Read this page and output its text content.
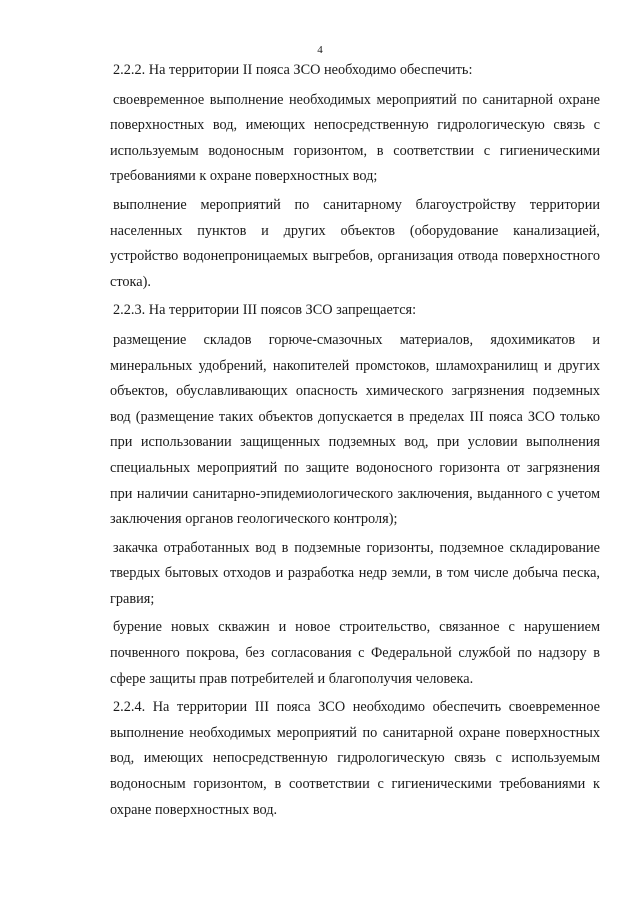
4

2.2.2. На территории II пояса ЗСО необходимо обеспечить:

своевременное выполнение необходимых мероприятий по санитарной охране поверхностных вод, имеющих непосредственную гидрологическую связь с используемым водоносным горизонтом, в соответствии с гигиеническими требованиями к охране поверхностных вод;

выполнение мероприятий по санитарному благоустройству территории населенных пунктов и других объектов (оборудование канализацией, устройство водонепроницаемых выгребов, организация отвода поверхностного стока).

2.2.3. На территории III поясов ЗСО запрещается:

размещение складов горюче-смазочных материалов, ядохимикатов и минеральных удобрений, накопителей промстоков, шламохранилищ и других объектов, обуславливающих опасность химического загрязнения подземных вод (размещение таких объектов допускается в пределах III пояса ЗСО только при использовании защищенных подземных вод, при условии выполнения специальных мероприятий по защите водоносного горизонта от загрязнения при наличии санитарно-эпидемиологического заключения, выданного с учетом заключения органов геологического контроля);

закачка отработанных вод в подземные горизонты, подземное складирование твердых бытовых отходов и разработка недр земли, в том числе добыча песка, гравия;

бурение новых скважин и новое строительство, связанное с нарушением почвенного покрова, без согласования с Федеральной службой по надзору в сфере защиты прав потребителей и благополучия человека.

2.2.4. На территории III пояса ЗСО необходимо обеспечить своевременное выполнение необходимых мероприятий по санитарной охране поверхностных вод, имеющих непосредственную гидрологическую связь с используемым водоносным горизонтом, в соответствии с гигиеническими требованиями к охране поверхностных вод.
